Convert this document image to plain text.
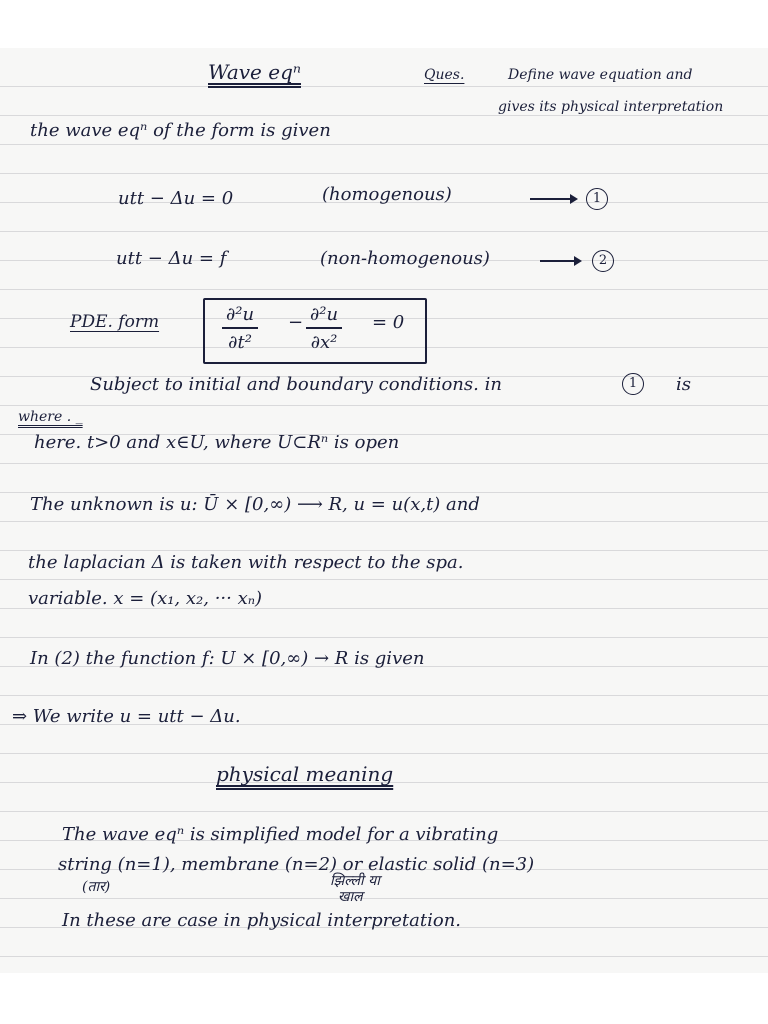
Wave eqⁿ	Ques.	Define wave equation and
gives its physical interpretation
the wave eqⁿ of the form is given
utt − Δu = 0	(homogenous)	1
utt − Δu = f	(non-homogenous)	2
PDE. form	$\frac{\text{∂²u}}{\text{∂t²}} - \frac{\text{∂²u}}{\text{∂x²}} = 0$
Subject to initial and boundary conditions. in	1	is
where . _
here. t>0 and x∈U, where U⊂Rⁿ is open
The unknown is u: Ū × [0,∞) ⟶ R, u = u(x,t) and
the laplacian Δ is taken with respect to the spa.
variable. x = (x₁, x₂, ··· xₙ)
In (2) the function f: U × [0,∞) → R is given
⇒ We write u = utt − Δu.
physical meaning
The wave eqⁿ is simplified model for a vibrating
string (n=1), membrane (n=2) or elastic solid (n=3)
(तार)	झिल्ली या
खाल
In these are case in physical interpretation.
